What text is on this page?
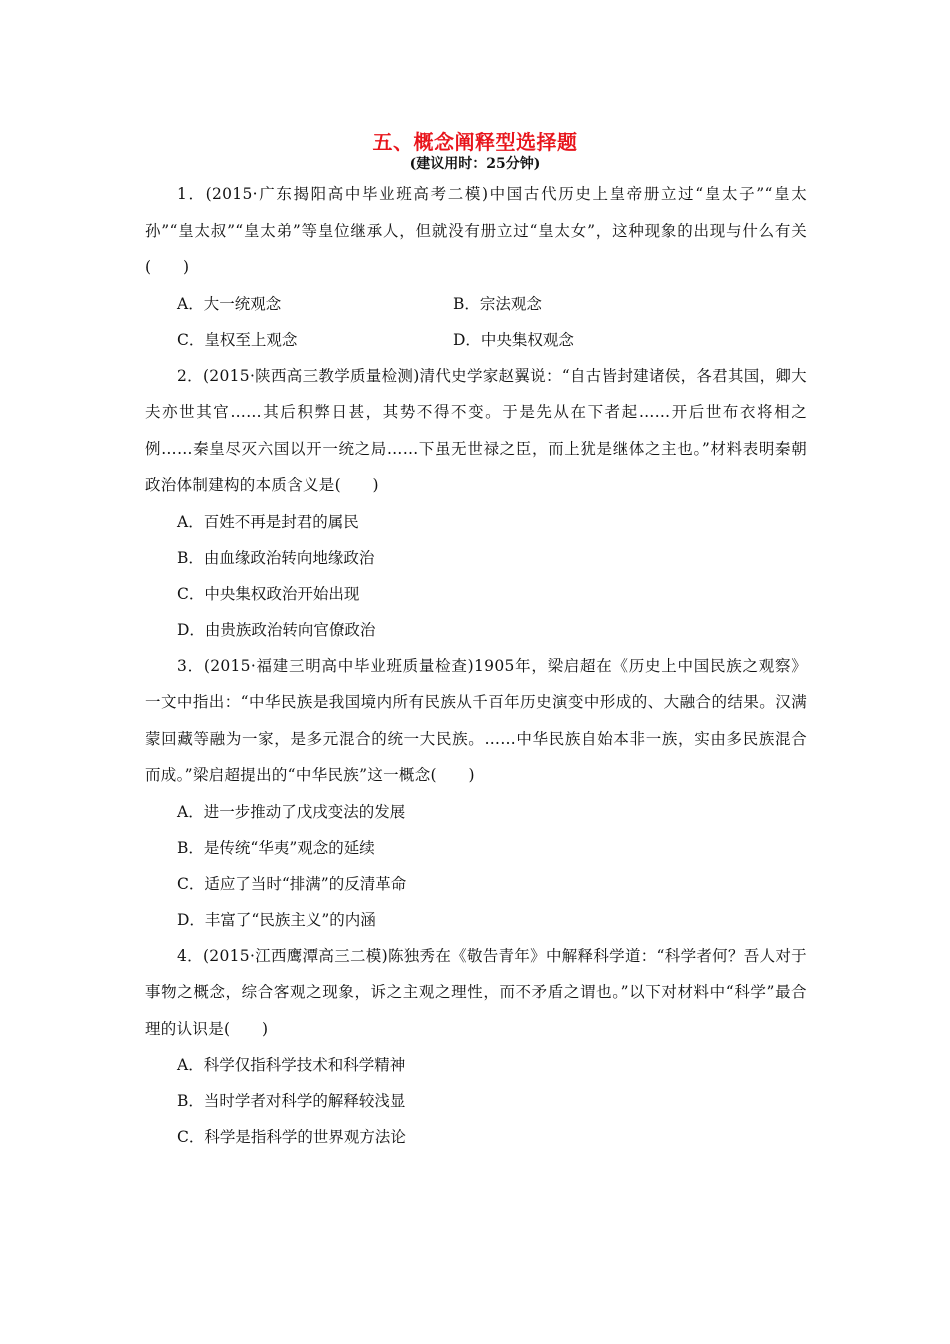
五、概念阐释型选择题
(建议用时：25分钟)

1．(2015·广东揭阳高中毕业班高考二模)中国古代历史上皇帝册立过“皇太子”“皇太孙”“皇太叔”“皇太弟”等皇位继承人，但就没有册立过“皇太女”，这种现象的出现与什么有关(　　)

A．大一统观念	B．宗法观念
C．皇权至上观念	D．中央集权观念

2．(2015·陕西高三教学质量检测)清代史学家赵翼说：“自古皆封建诸侯，各君其国，卿大夫亦世其官……其后积弊日甚，其势不得不变。于是先从在下者起……开后世布衣将相之例……秦皇尽灭六国以开一统之局……下虽无世禄之臣，而上犹是继体之主也。”材料表明秦朝政治体制建构的本质含义是(　　)

A．百姓不再是封君的属民

B．由血缘政治转向地缘政治

C．中央集权政治开始出现

D．由贵族政治转向官僚政治

3．(2015·福建三明高中毕业班质量检查)1905年，梁启超在《历史上中国民族之观察》一文中指出：“中华民族是我国境内所有民族从千百年历史演变中形成的、大融合的结果。汉满蒙回藏等融为一家，是多元混合的统一大民族。……中华民族自始本非一族，实由多民族混合而成。”梁启超提出的“中华民族”这一概念(　　)

A．进一步推动了戊戌变法的发展

B．是传统“华夷”观念的延续

C．适应了当时“排满”的反清革命

D．丰富了“民族主义”的内涵

4．(2015·江西鹰潭高三二模)陈独秀在《敬告青年》中解释科学道：“科学者何？吾人对于事物之概念，综合客观之现象，诉之主观之理性，而不矛盾之谓也。”以下对材料中“科学”最合理的认识是(　　)

A．科学仅指科学技术和科学精神

B．当时学者对科学的解释较浅显

C．科学是指科学的世界观方法论
